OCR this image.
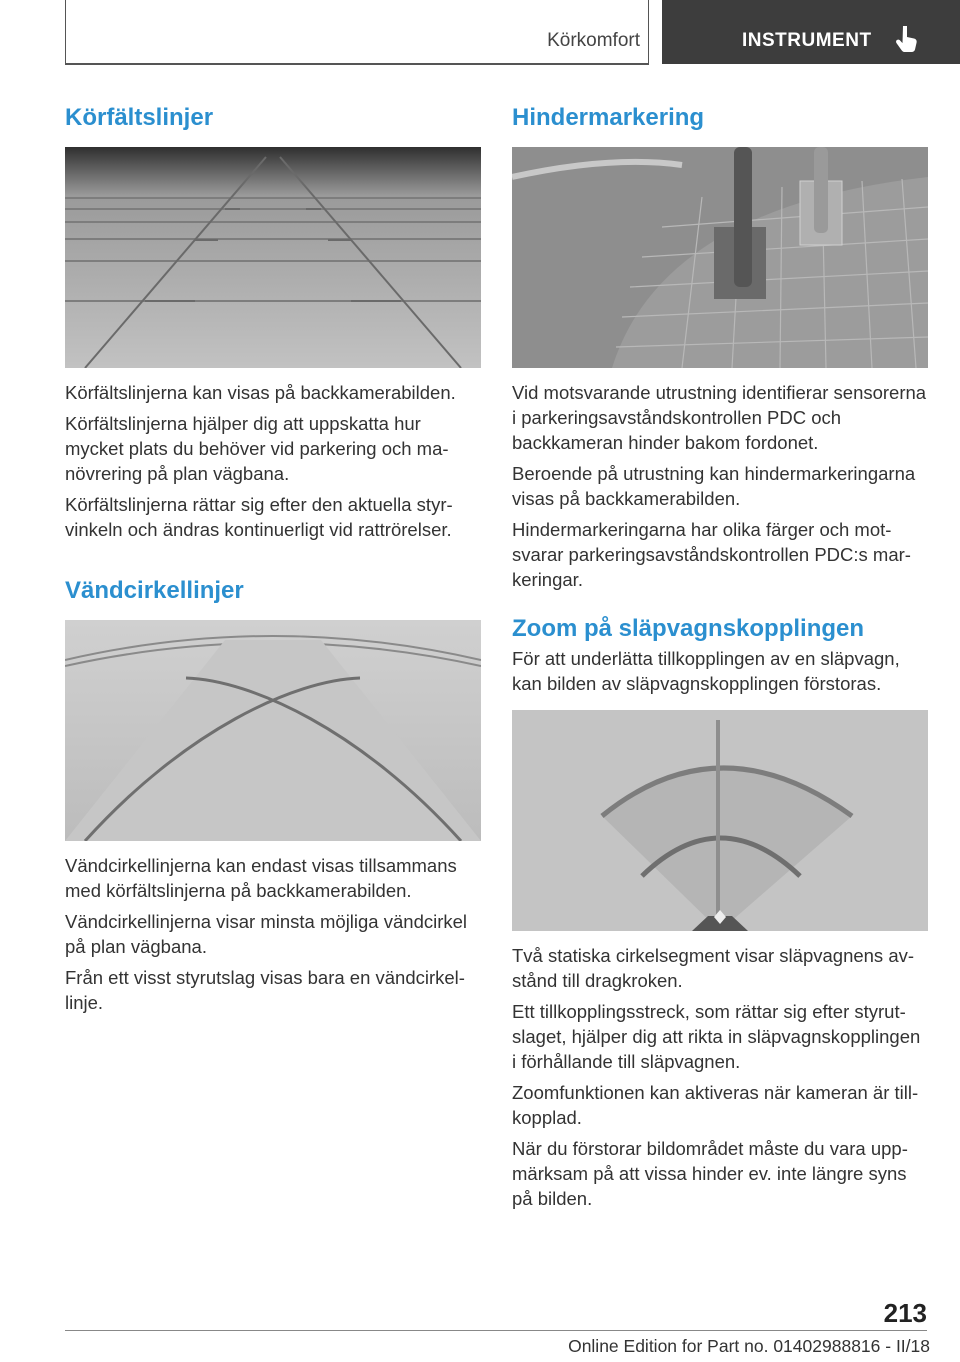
Körkomfort	INSTRUMENT
Körfältslinjer

Körfältslinjerna kan visas på backkamerabilden.

Körfältslinjerna hjälper dig att uppskatta hur mycket plats du behöver vid parkering och manövrering på plan vägbana.

Körfältslinjerna rättar sig efter den aktuella styrvinkeln och ändras kontinuerligt vid rattrörelser.

Vändcirkellinjer

Vändcirkellinjerna kan endast visas tillsammans med körfältslinjerna på backkamerabilden.

Vändcirkellinjerna visar minsta möjliga vändcirkel på plan vägbana.

Från ett visst styrutslag visas bara en vändcirkellinje.

Hindermarkering

Vid motsvarande utrustning identifierar sensorerna i parkeringsavståndskontrollen PDC och backkameran hinder bakom fordonet.

Beroende på utrustning kan hindermarkeringarna visas på backkamerabilden.

Hindermarkeringarna har olika färger och motsvarar parkeringsavståndskontrollen PDC:s markeringar.

Zoom på släpvagnskopplingen

För att underlätta tillkopplingen av en släpvagn, kan bilden av släpvagnskopplingen förstoras.

Två statiska cirkelsegment visar släpvagnens avstånd till dragkroken.

Ett tillkopplingsstreck, som rättar sig efter styrutslaget, hjälper dig att rikta in släpvagnskopplingen i förhållande till släpvagnen.

Zoomfunktionen kan aktiveras när kameran är tillkopplad.

När du förstorar bildområdet måste du vara uppmärksam på att vissa hinder ev. inte längre syns på bilden.

213
Online Edition for Part no. 01402988816 - II/18
